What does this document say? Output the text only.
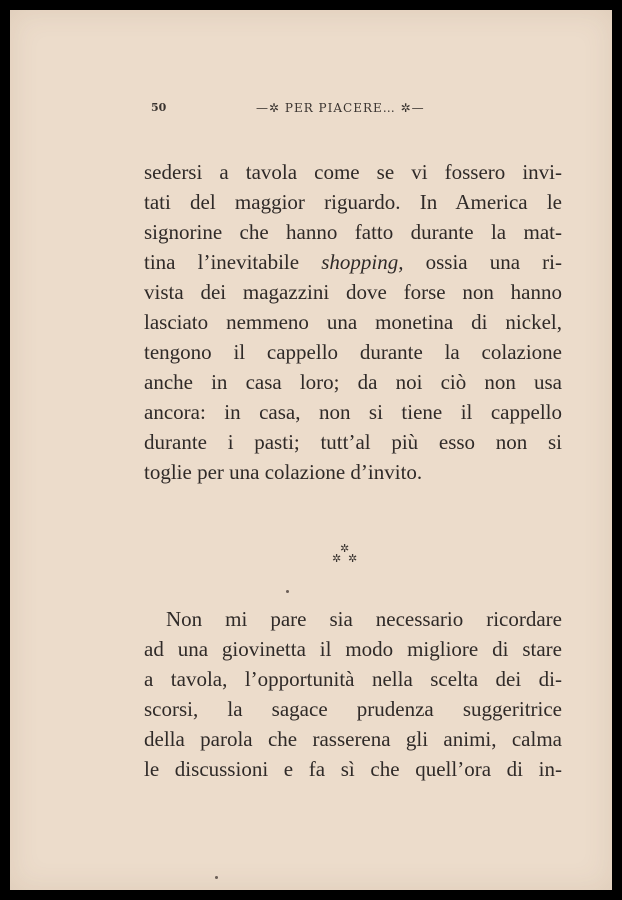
50	—✲ PER PIACERE… ✲—
sedersi a tavola come se vi fossero invi-
tati del maggior riguardo. In America le
signorine che hanno fatto durante la mat-
tina l’inevitabile shopping, ossia una ri-
vista dei magazzini dove forse non hanno
lasciato nemmeno una monetina di nickel,
tengono il cappello durante la colazione
anche in casa loro; da noi ciò non usa
ancora: in casa, non si tiene il cappello
durante i pasti; tutt’al più esso non si
toglie per una colazione d’invito.
✲
✲ ✲
Non mi pare sia necessario ricordare
ad una giovinetta il modo migliore di stare
a tavola, l’opportunità nella scelta dei di-
scorsi, la sagace prudenza suggeritrice
della parola che rasserena gli animi, calma
le discussioni e fa sì che quell’ora di in-
